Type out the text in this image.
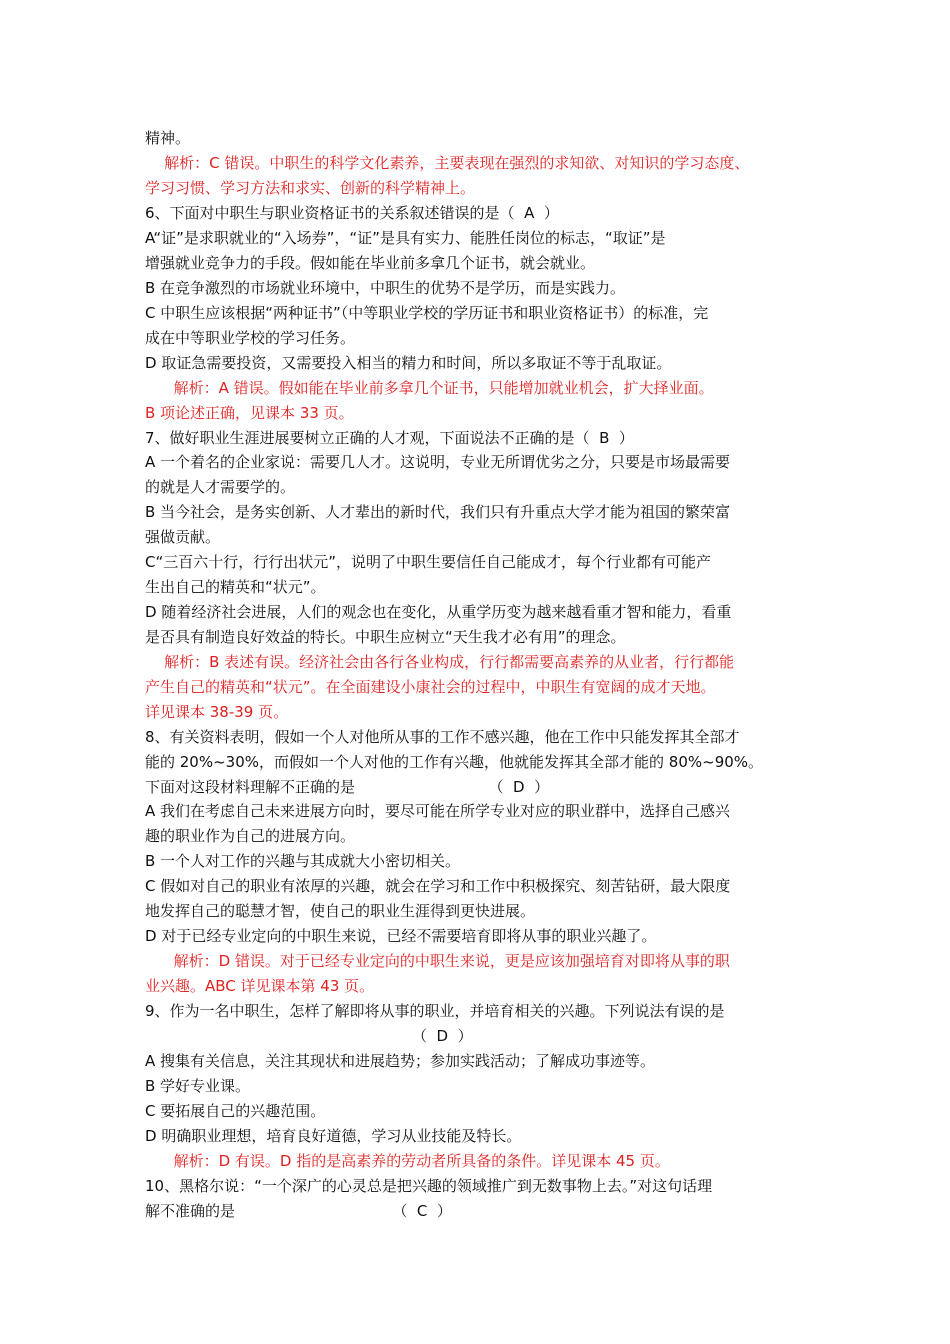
精神。
解析：C 错误。中职生的科学文化素养，主要表现在强烈的求知欲、对知识的学习态度、
学习习惯、学习方法和求实、创新的科学精神上。
6、下面对中职生与职业资格证书的关系叙述错误的是（  A  ）
A“证”是求职就业的“入场券”，“证”是具有实力、能胜任岗位的标志，“取证”是
增强就业竞争力的手段。假如能在毕业前多拿几个证书，就会就业。
B 在竞争激烈的市场就业环境中，中职生的优势不是学历，而是实践力。
C 中职生应该根据“两种证书”（中等职业学校的学历证书和职业资格证书）的标准，完
成在中等职业学校的学习任务。
D 取证急需要投资，又需要投入相当的精力和时间，所以多取证不等于乱取证。
解析：A 错误。假如能在毕业前多拿几个证书，只能增加就业机会，扩大择业面。
B 项论述正确，见课本 33 页。
7、做好职业生涯进展要树立正确的人才观，下面说法不正确的是（  B  ）
A 一个着名的企业家说：需要几人才。这说明，专业无所谓优劣之分，只要是市场最需要
的就是人才需要学的。
B 当今社会，是务实创新、人才辈出的新时代，我们只有升重点大学才能为祖国的繁荣富
强做贡献。
C“三百六十行，行行出状元”，说明了中职生要信任自己能成才，每个行业都有可能产
生出自己的精英和“状元”。
D 随着经济社会进展，人们的观念也在变化，从重学历变为越来越看重才智和能力，看重
是否具有制造良好效益的特长。中职生应树立“天生我才必有用”的理念。
解析：B 表述有误。经济社会由各行各业构成，行行都需要高素养的从业者，行行都能
产生自己的精英和“状元”。在全面建设小康社会的过程中，中职生有宽阔的成才天地。
详见课本 38-39 页。
8、有关资料表明，假如一个人对他所从事的工作不感兴趣，他在工作中只能发挥其全部才
能的 20%~30%，而假如一个人对他的工作有兴趣，他就能发挥其全部才能的 80%~90%。
下面对这段材料理解不正确的是                            （  D  ）
A 我们在考虑自己未来进展方向时，要尽可能在所学专业对应的职业群中，选择自己感兴
趣的职业作为自己的进展方向。
B 一个人对工作的兴趣与其成就大小密切相关。
C 假如对自己的职业有浓厚的兴趣，就会在学习和工作中积极探究、刻苦钻研，最大限度
地发挥自己的聪慧才智，使自己的职业生涯得到更快进展。
D 对于已经专业定向的中职生来说，已经不需要培育即将从事的职业兴趣了。
解析：D 错误。对于已经专业定向的中职生来说，更是应该加强培育对即将从事的职
业兴趣。ABC 详见课本第 43 页。
9、作为一名中职生，怎样了解即将从事的职业，并培育相关的兴趣。下列说法有误的是
（  D  ）
A 搜集有关信息，关注其现状和进展趋势；参加实践活动；了解成功事迹等。
B 学好专业课。
C 要拓展自己的兴趣范围。
D 明确职业理想，培育良好道德，学习从业技能及特长。
解析：D 有误。D 指的是高素养的劳动者所具备的条件。详见课本 45 页。
10、黑格尔说：“一个深广的心灵总是把兴趣的领域推广到无数事物上去。”对这句话理
解不准确的是                                 （  C  ）
